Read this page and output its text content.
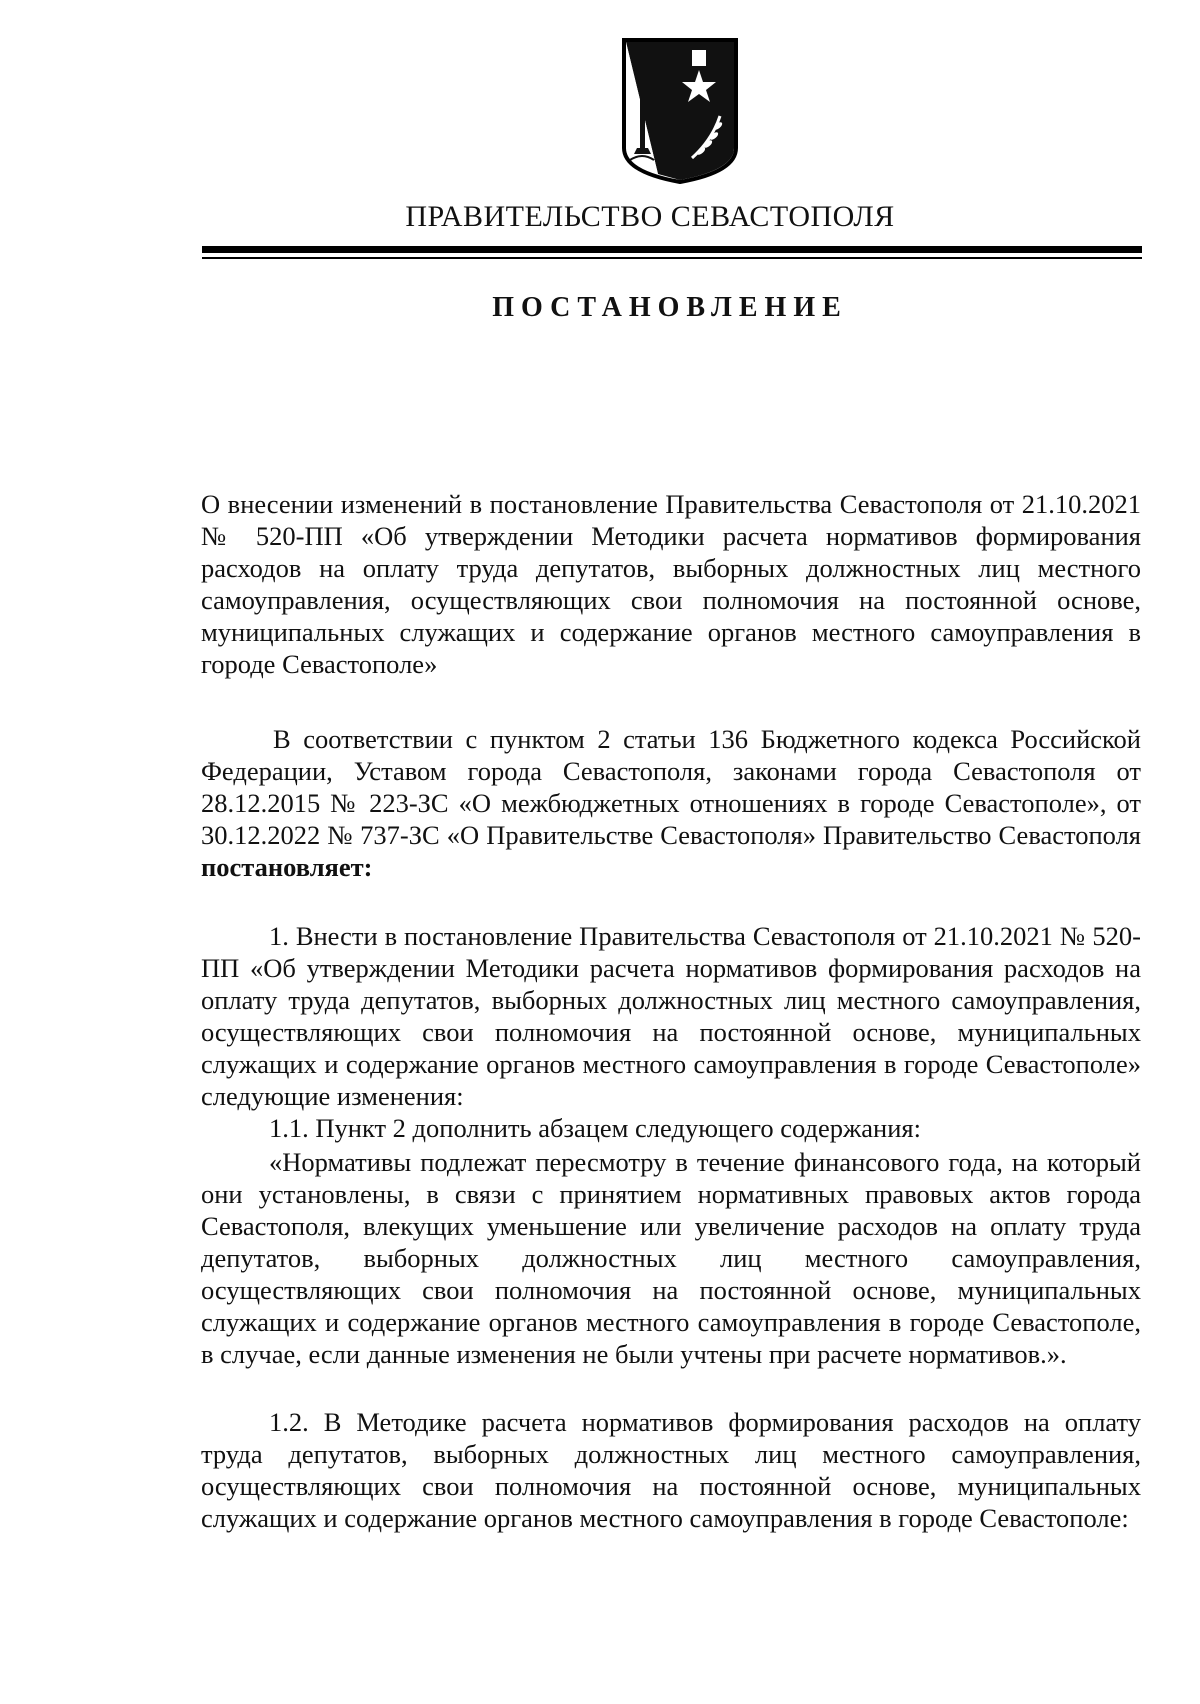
ПРАВИТЕЛЬСТВО СЕВАСТОПОЛЯ
ПОСТАНОВЛЕНИЕ

О внесении изменений в постановление Правительства Севастополя от 21.10.2021 № 520-ПП «Об утверждении Методики расчета нормативов формирования расходов на оплату труда депутатов, выборных должностных лиц местного самоуправления, осуществляющих свои полномочия на постоянной основе, муниципальных служащих и содержание органов местного самоуправления в городе Севастополе»

В соответствии с пунктом 2 статьи 136 Бюджетного кодекса Российской Федерации, Уставом города Севастополя, законами города Севастополя от 28.12.2015 № 223-ЗС «О межбюджетных отношениях в городе Севастополе», от 30.12.2022 № 737-ЗС «О Правительстве Севастополя» Правительство Севастополя постановляет:

1. Внести в постановление Правительства Севастополя от 21.10.2021 № 520-ПП «Об утверждении Методики расчета нормативов формирования расходов на оплату труда депутатов, выборных должностных лиц местного самоуправления, осуществляющих свои полномочия на постоянной основе, муниципальных служащих и содержание органов местного самоуправления в городе Севастополе» следующие изменения:

1.1. Пункт 2 дополнить абзацем следующего содержания:

«Нормативы подлежат пересмотру в течение финансового года, на который они установлены, в связи с принятием нормативных правовых актов города Севастополя, влекущих уменьшение или увеличение расходов на оплату труда депутатов, выборных должностных лиц местного самоуправления, осуществляющих свои полномочия на постоянной основе, муниципальных служащих и содержание органов местного самоуправления в городе Севастополе, в случае, если данные изменения не были учтены при расчете нормативов.».

1.2. В Методике расчета нормативов формирования расходов на оплату труда депутатов, выборных должностных лиц местного самоуправления, осуществляющих свои полномочия на постоянной основе, муниципальных служащих и содержание органов местного самоуправления в городе Севастополе:
